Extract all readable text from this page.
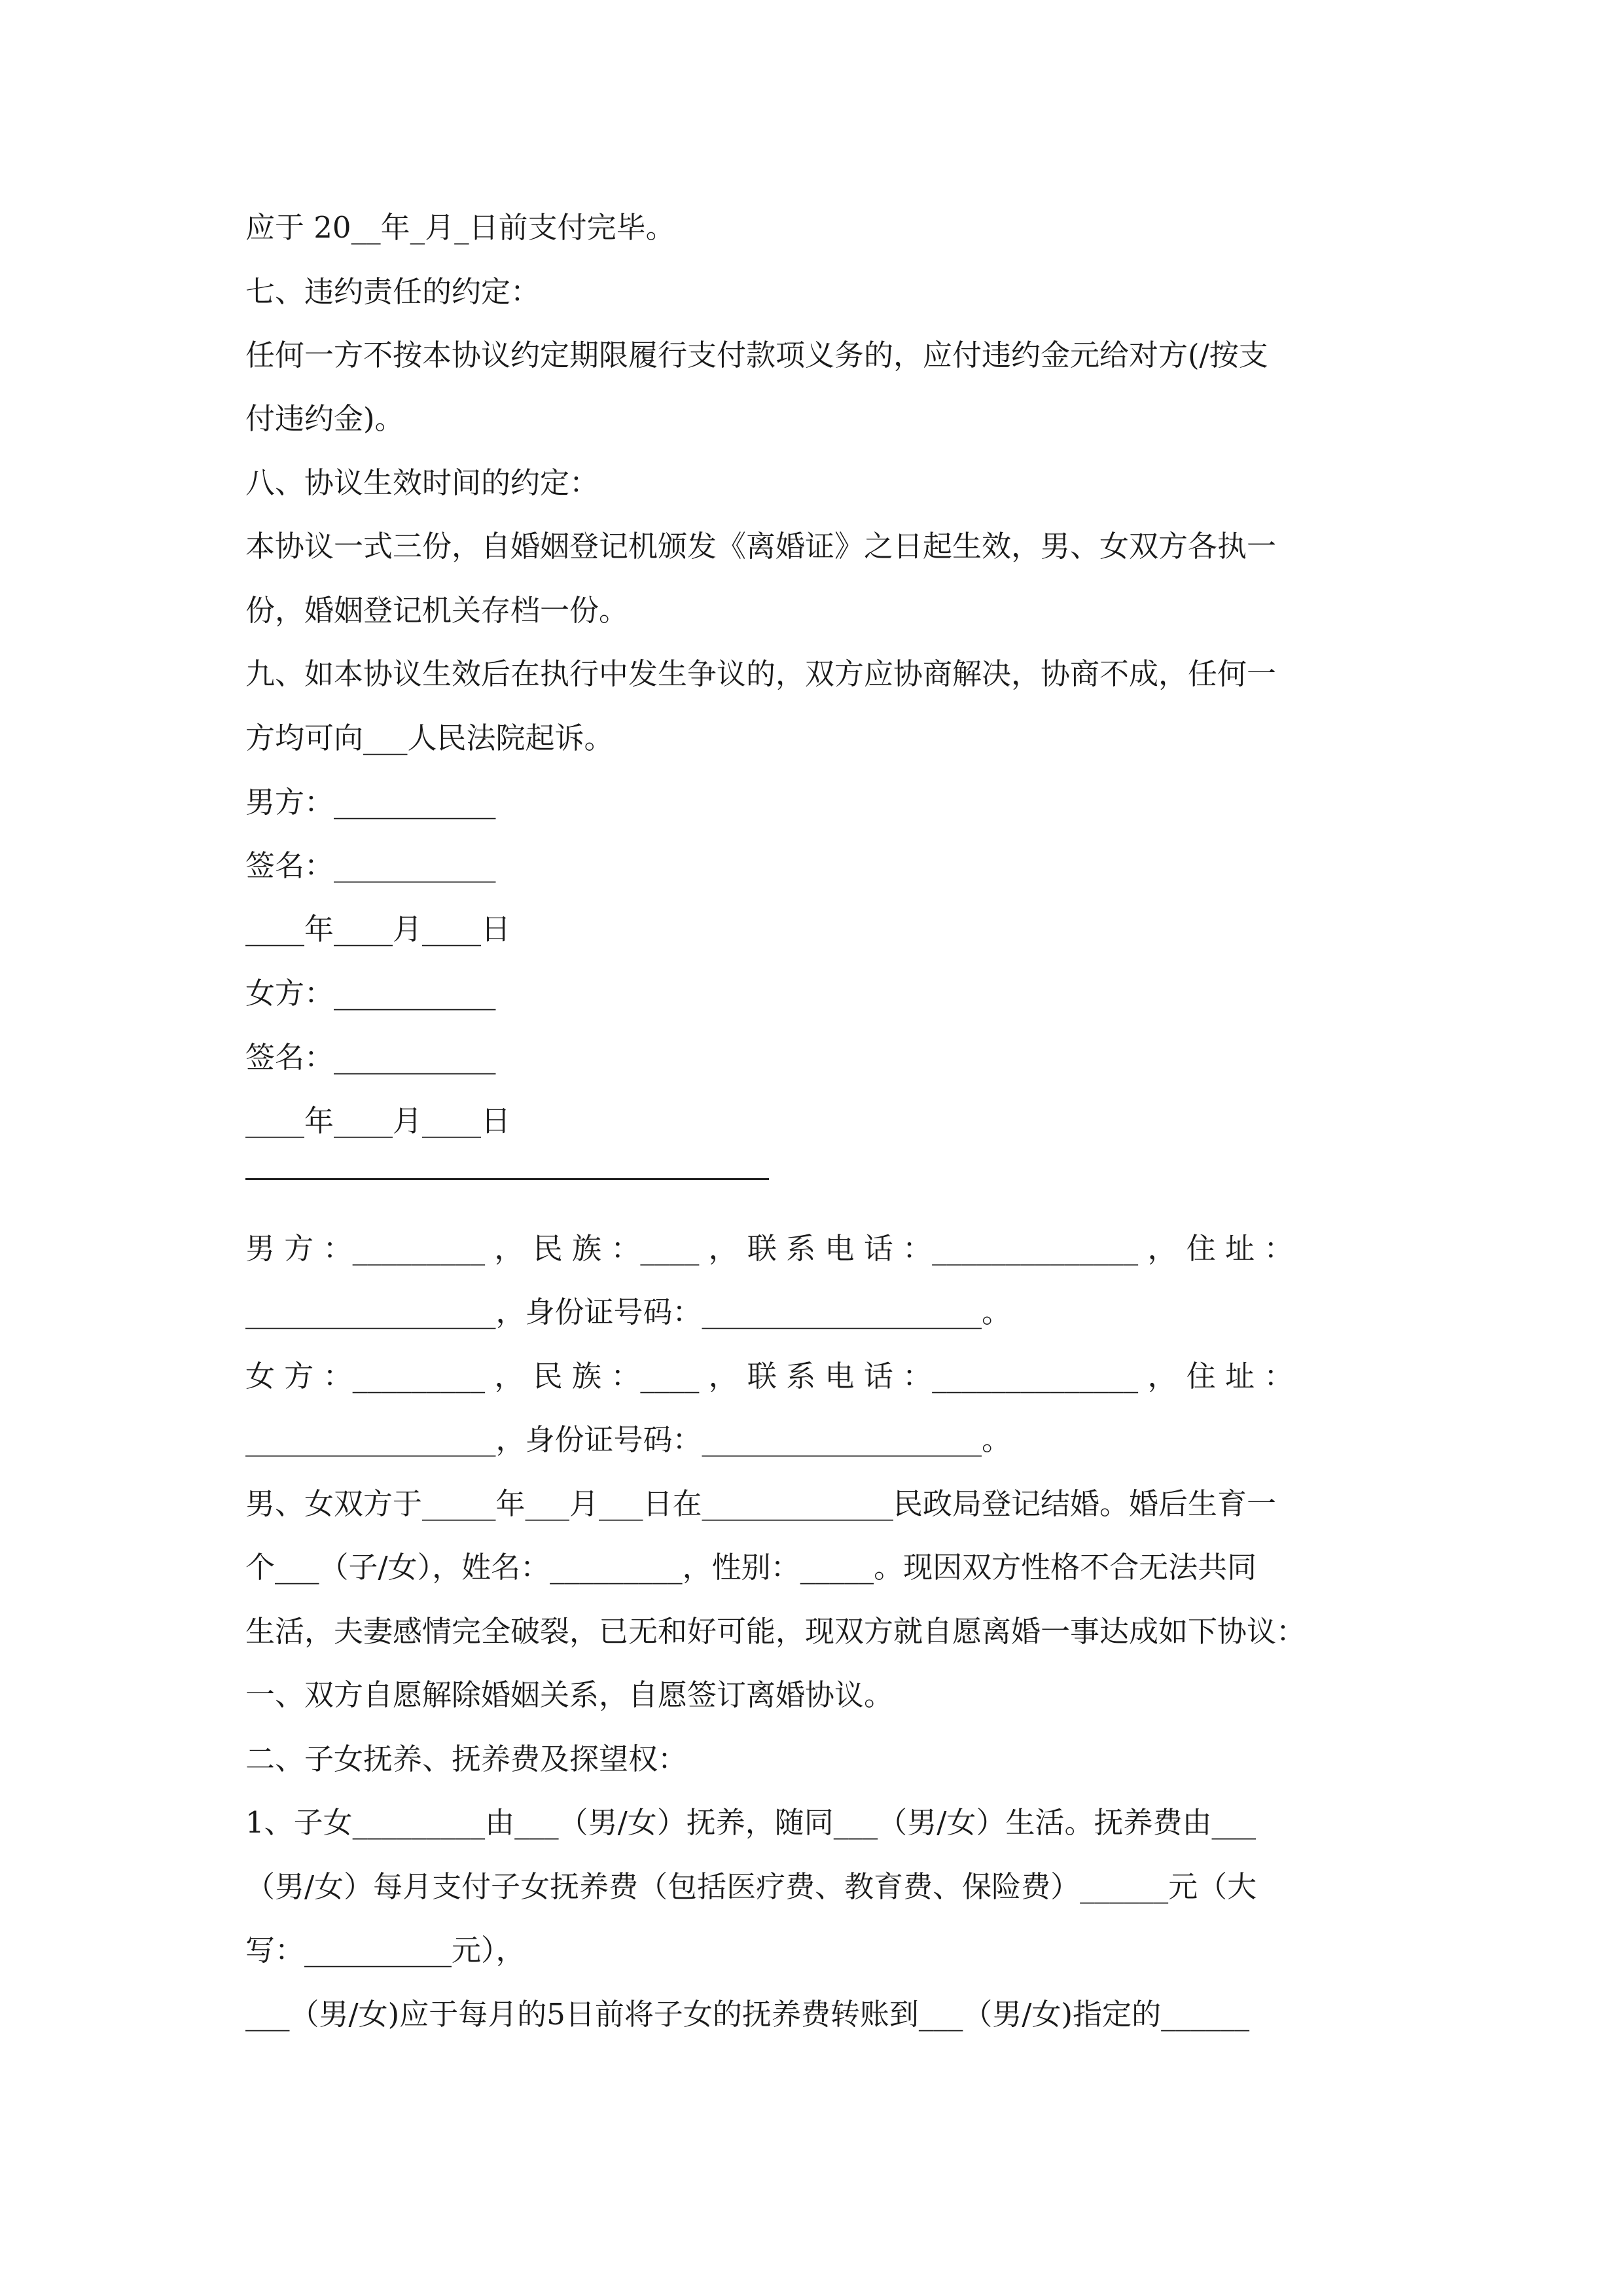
应于 20__年_月_日前支付完毕。
七、违约责任的约定：
任何一方不按本协议约定期限履行支付款项义务的，应付违约金元给对方(/按支
付违约金)。
八、协议生效时间的约定：
本协议一式三份，自婚姻登记机颁发《离婚证》之日起生效，男、女双方各执一
份，婚姻登记机关存档一份。
九、如本协议生效后在执行中发生争议的，双方应协商解决，协商不成，任何一
方均可向___人民法院起诉。
男方：___________
签名：___________
____年____月____日
女方：___________
签名：___________
____年____月____日
男 方 ：_________ ， 民 族 ：____ ， 联 系 电 话 ：______________ ， 住 址 ：
_________________，身份证号码：___________________。
女 方 ：_________ ， 民 族 ：____ ， 联 系 电 话 ：______________ ， 住 址 ：
_________________，身份证号码：___________________。
男、女双方于_____年___月___日在_____________民政局登记结婚。婚后生育一
个___（子/女），姓名：_________，性别：_____。现因双方性格不合无法共同
生活，夫妻感情完全破裂，已无和好可能，现双方就自愿离婚一事达成如下协议：
一、双方自愿解除婚姻关系，自愿签订离婚协议。
二、子女抚养、抚养费及探望权：
1、子女_________由___（男/女）抚养，随同___（男/女）生活。抚养费由___
（男/女）每月支付子女抚养费（包括医疗费、教育费、保险费）______元（大
写：__________元），
___（男/女)应于每月的5日前将子女的抚养费转账到___（男/女)指定的______
